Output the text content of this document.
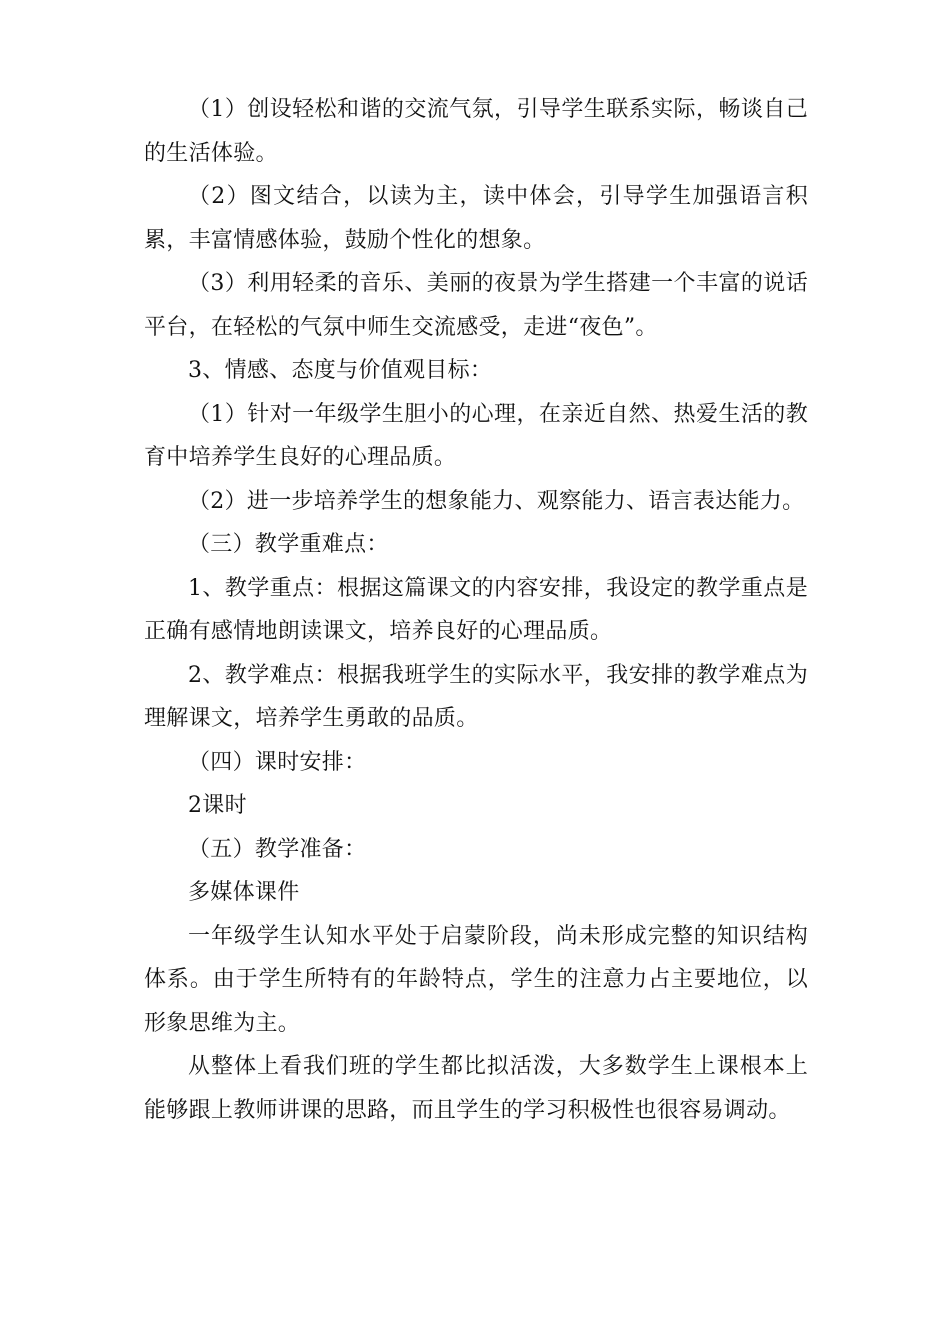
（1）创设轻松和谐的交流气氛，引导学生联系实际，畅谈自己的生活体验。

（2）图文结合，以读为主，读中体会，引导学生加强语言积累，丰富情感体验，鼓励个性化的想象。

（3）利用轻柔的音乐、美丽的夜景为学生搭建一个丰富的说话平台，在轻松的气氛中师生交流感受，走进“夜色”。

3、情感、态度与价值观目标：

（1）针对一年级学生胆小的心理，在亲近自然、热爱生活的教育中培养学生良好的心理品质。

（2）进一步培养学生的想象能力、观察能力、语言表达能力。

（三）教学重难点：

1、教学重点：根据这篇课文的内容安排，我设定的教学重点是正确有感情地朗读课文，培养良好的心理品质。

2、教学难点：根据我班学生的实际水平，我安排的教学难点为理解课文，培养学生勇敢的品质。

（四）课时安排：

2课时

（五）教学准备：

多媒体课件

一年级学生认知水平处于启蒙阶段，尚未形成完整的知识结构体系。由于学生所特有的年龄特点，学生的注意力占主要地位，以形象思维为主。

从整体上看我们班的学生都比拟活泼，大多数学生上课根本上能够跟上教师讲课的思路，而且学生的学习积极性也很容易调动。
